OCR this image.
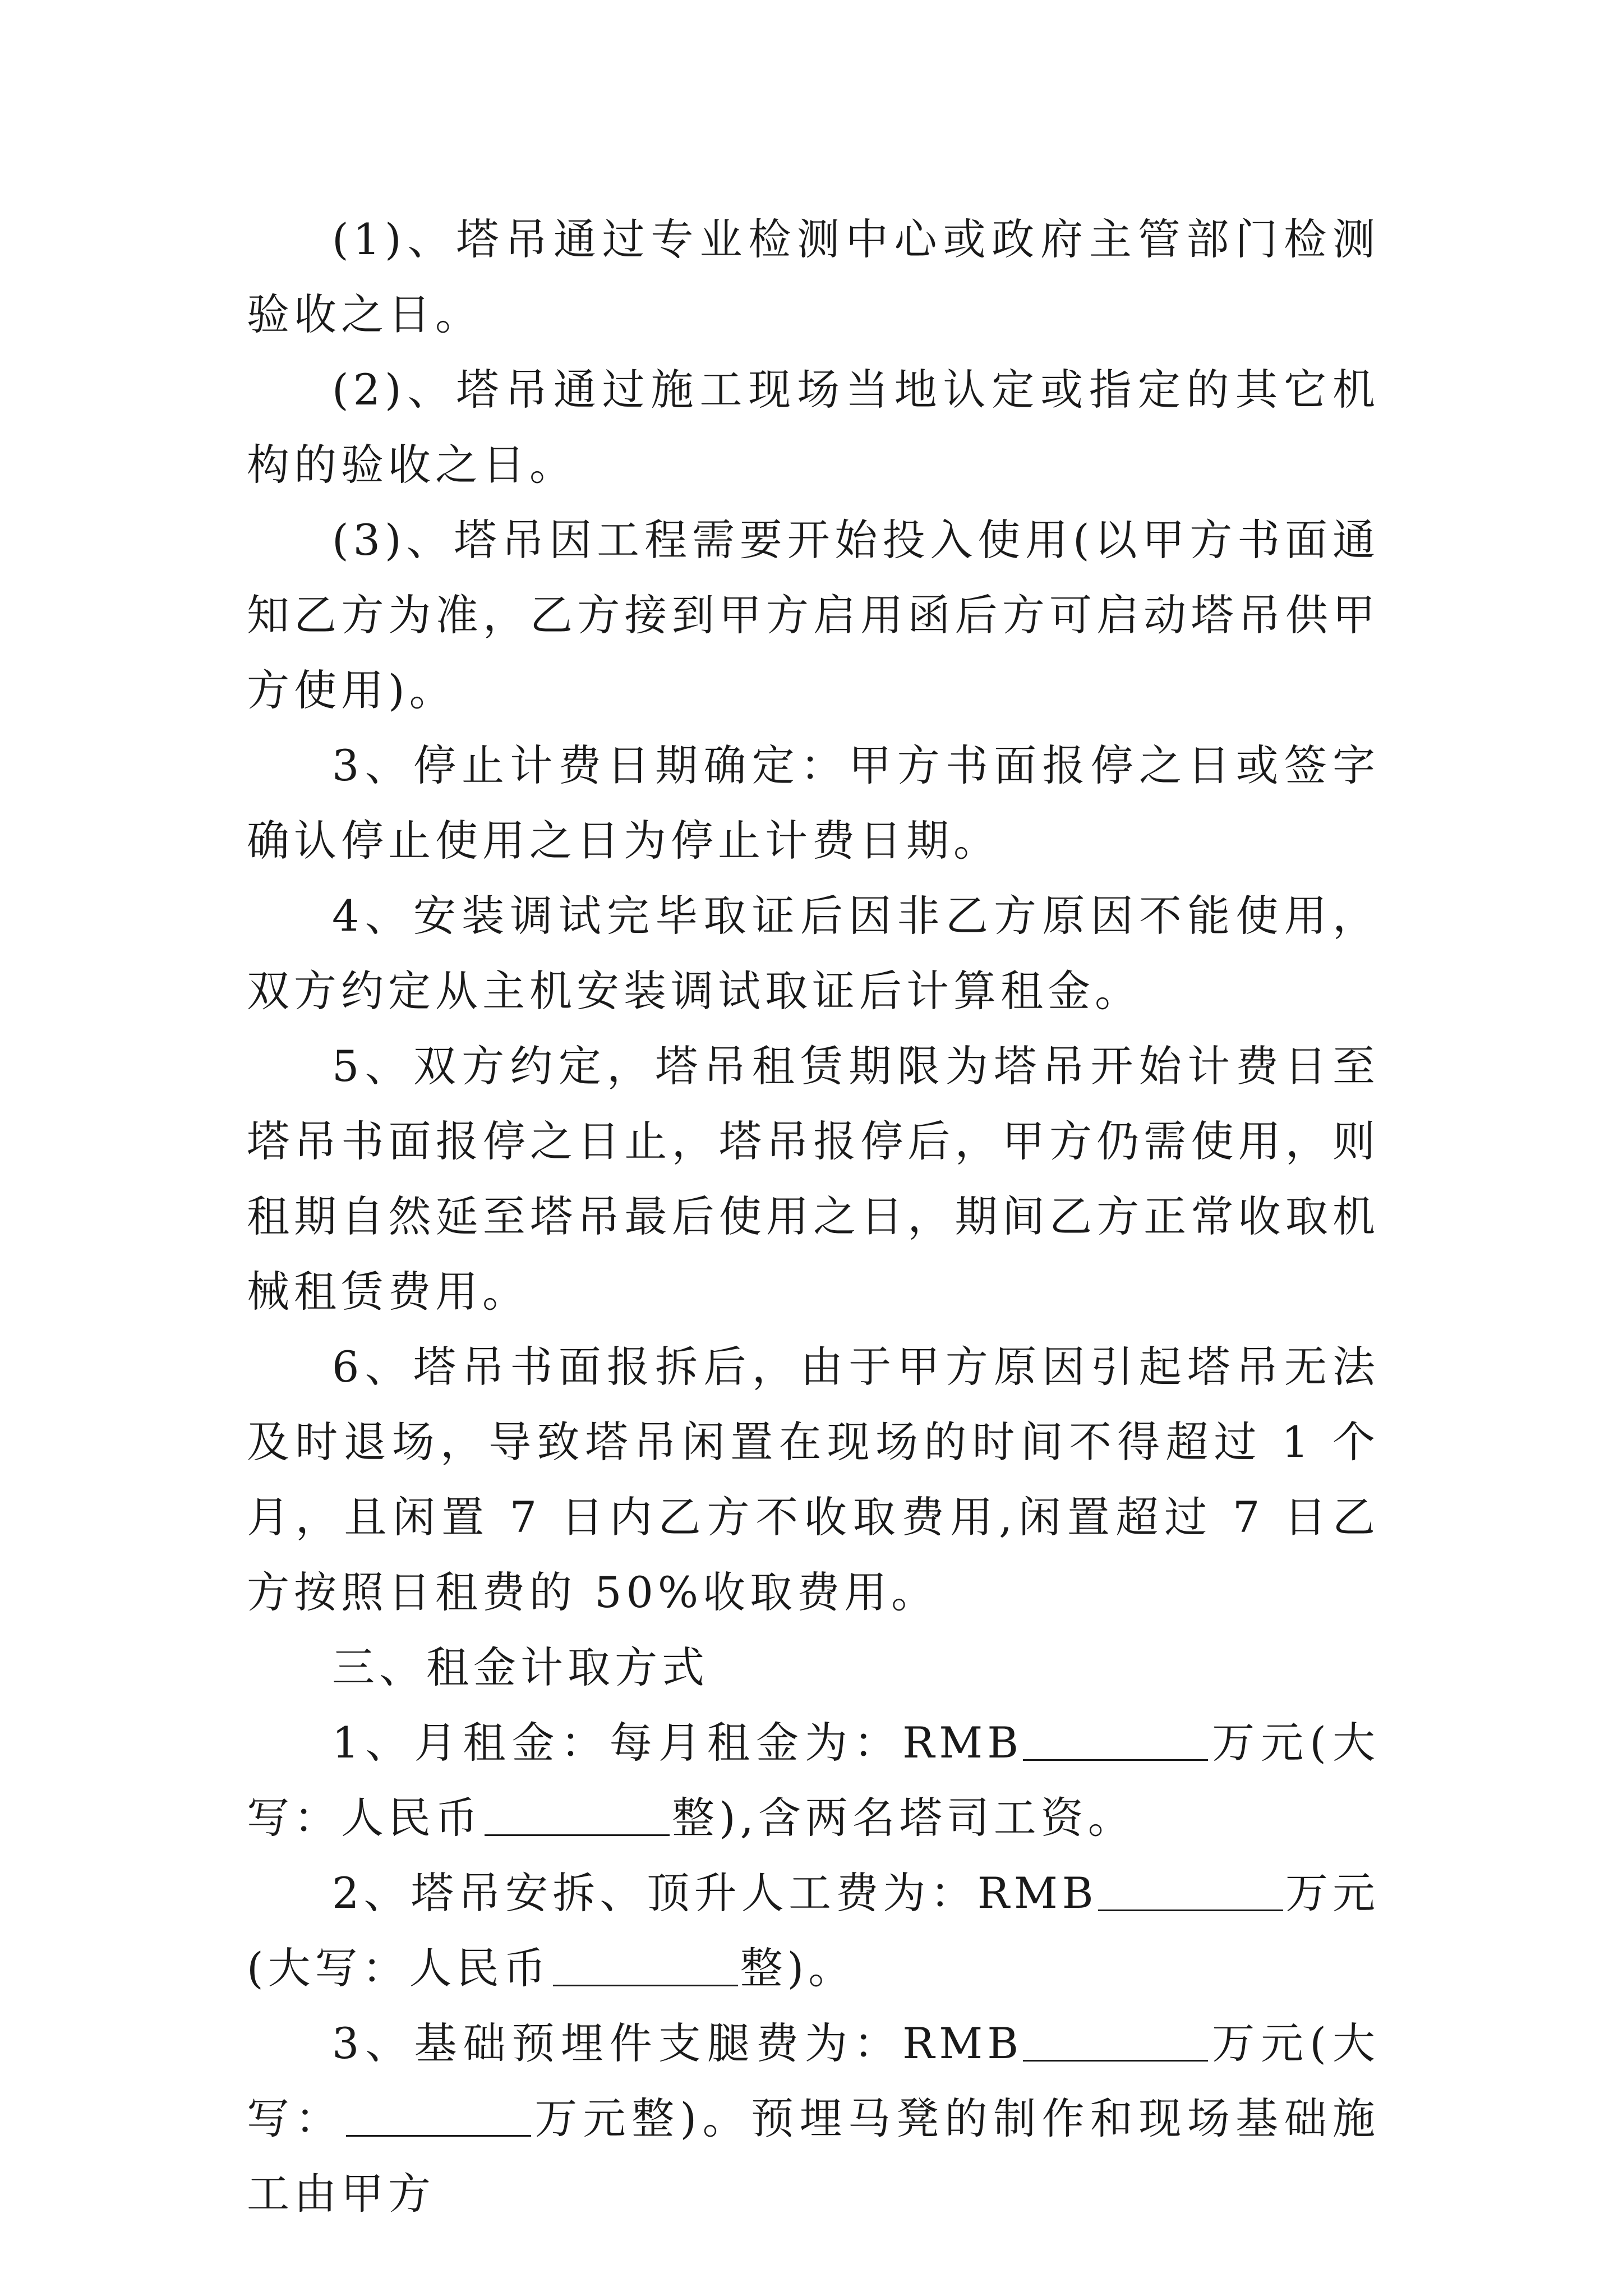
(1)、塔吊通过专业检测中心或政府主管部门检测验收之日。

(2)、塔吊通过施工现场当地认定或指定的其它机构的验收之日。

(3)、塔吊因工程需要开始投入使用(以甲方书面通知乙方为准，乙方接到甲方启用函后方可启动塔吊供甲方使用)。

3、停止计费日期确定：甲方书面报停之日或签字确认停止使用之日为停止计费日期。

4、安装调试完毕取证后因非乙方原因不能使用，双方约定从主机安装调试取证后计算租金。

5、双方约定，塔吊租赁期限为塔吊开始计费日至塔吊书面报停之日止，塔吊报停后，甲方仍需使用，则租期自然延至塔吊最后使用之日，期间乙方正常收取机械租赁费用。

6、塔吊书面报拆后，由于甲方原因引起塔吊无法及时退场，导致塔吊闲置在现场的时间不得超过 1 个月，且闲置 7 日内乙方不收取费用,闲置超过 7 日乙方按照日租费的 50%收取费用。

三、租金计取方式

1、月租金：每月租金为：RMB	万元(大写：人民币	整),含两名塔司工资。

2、塔吊安拆、顶升人工费为：RMB	万元(大写：人民币	整)。

3、基础预埋件支腿费为：RMB	万元(大写：	万元整)。预埋马凳的制作和现场基础施工由甲方
